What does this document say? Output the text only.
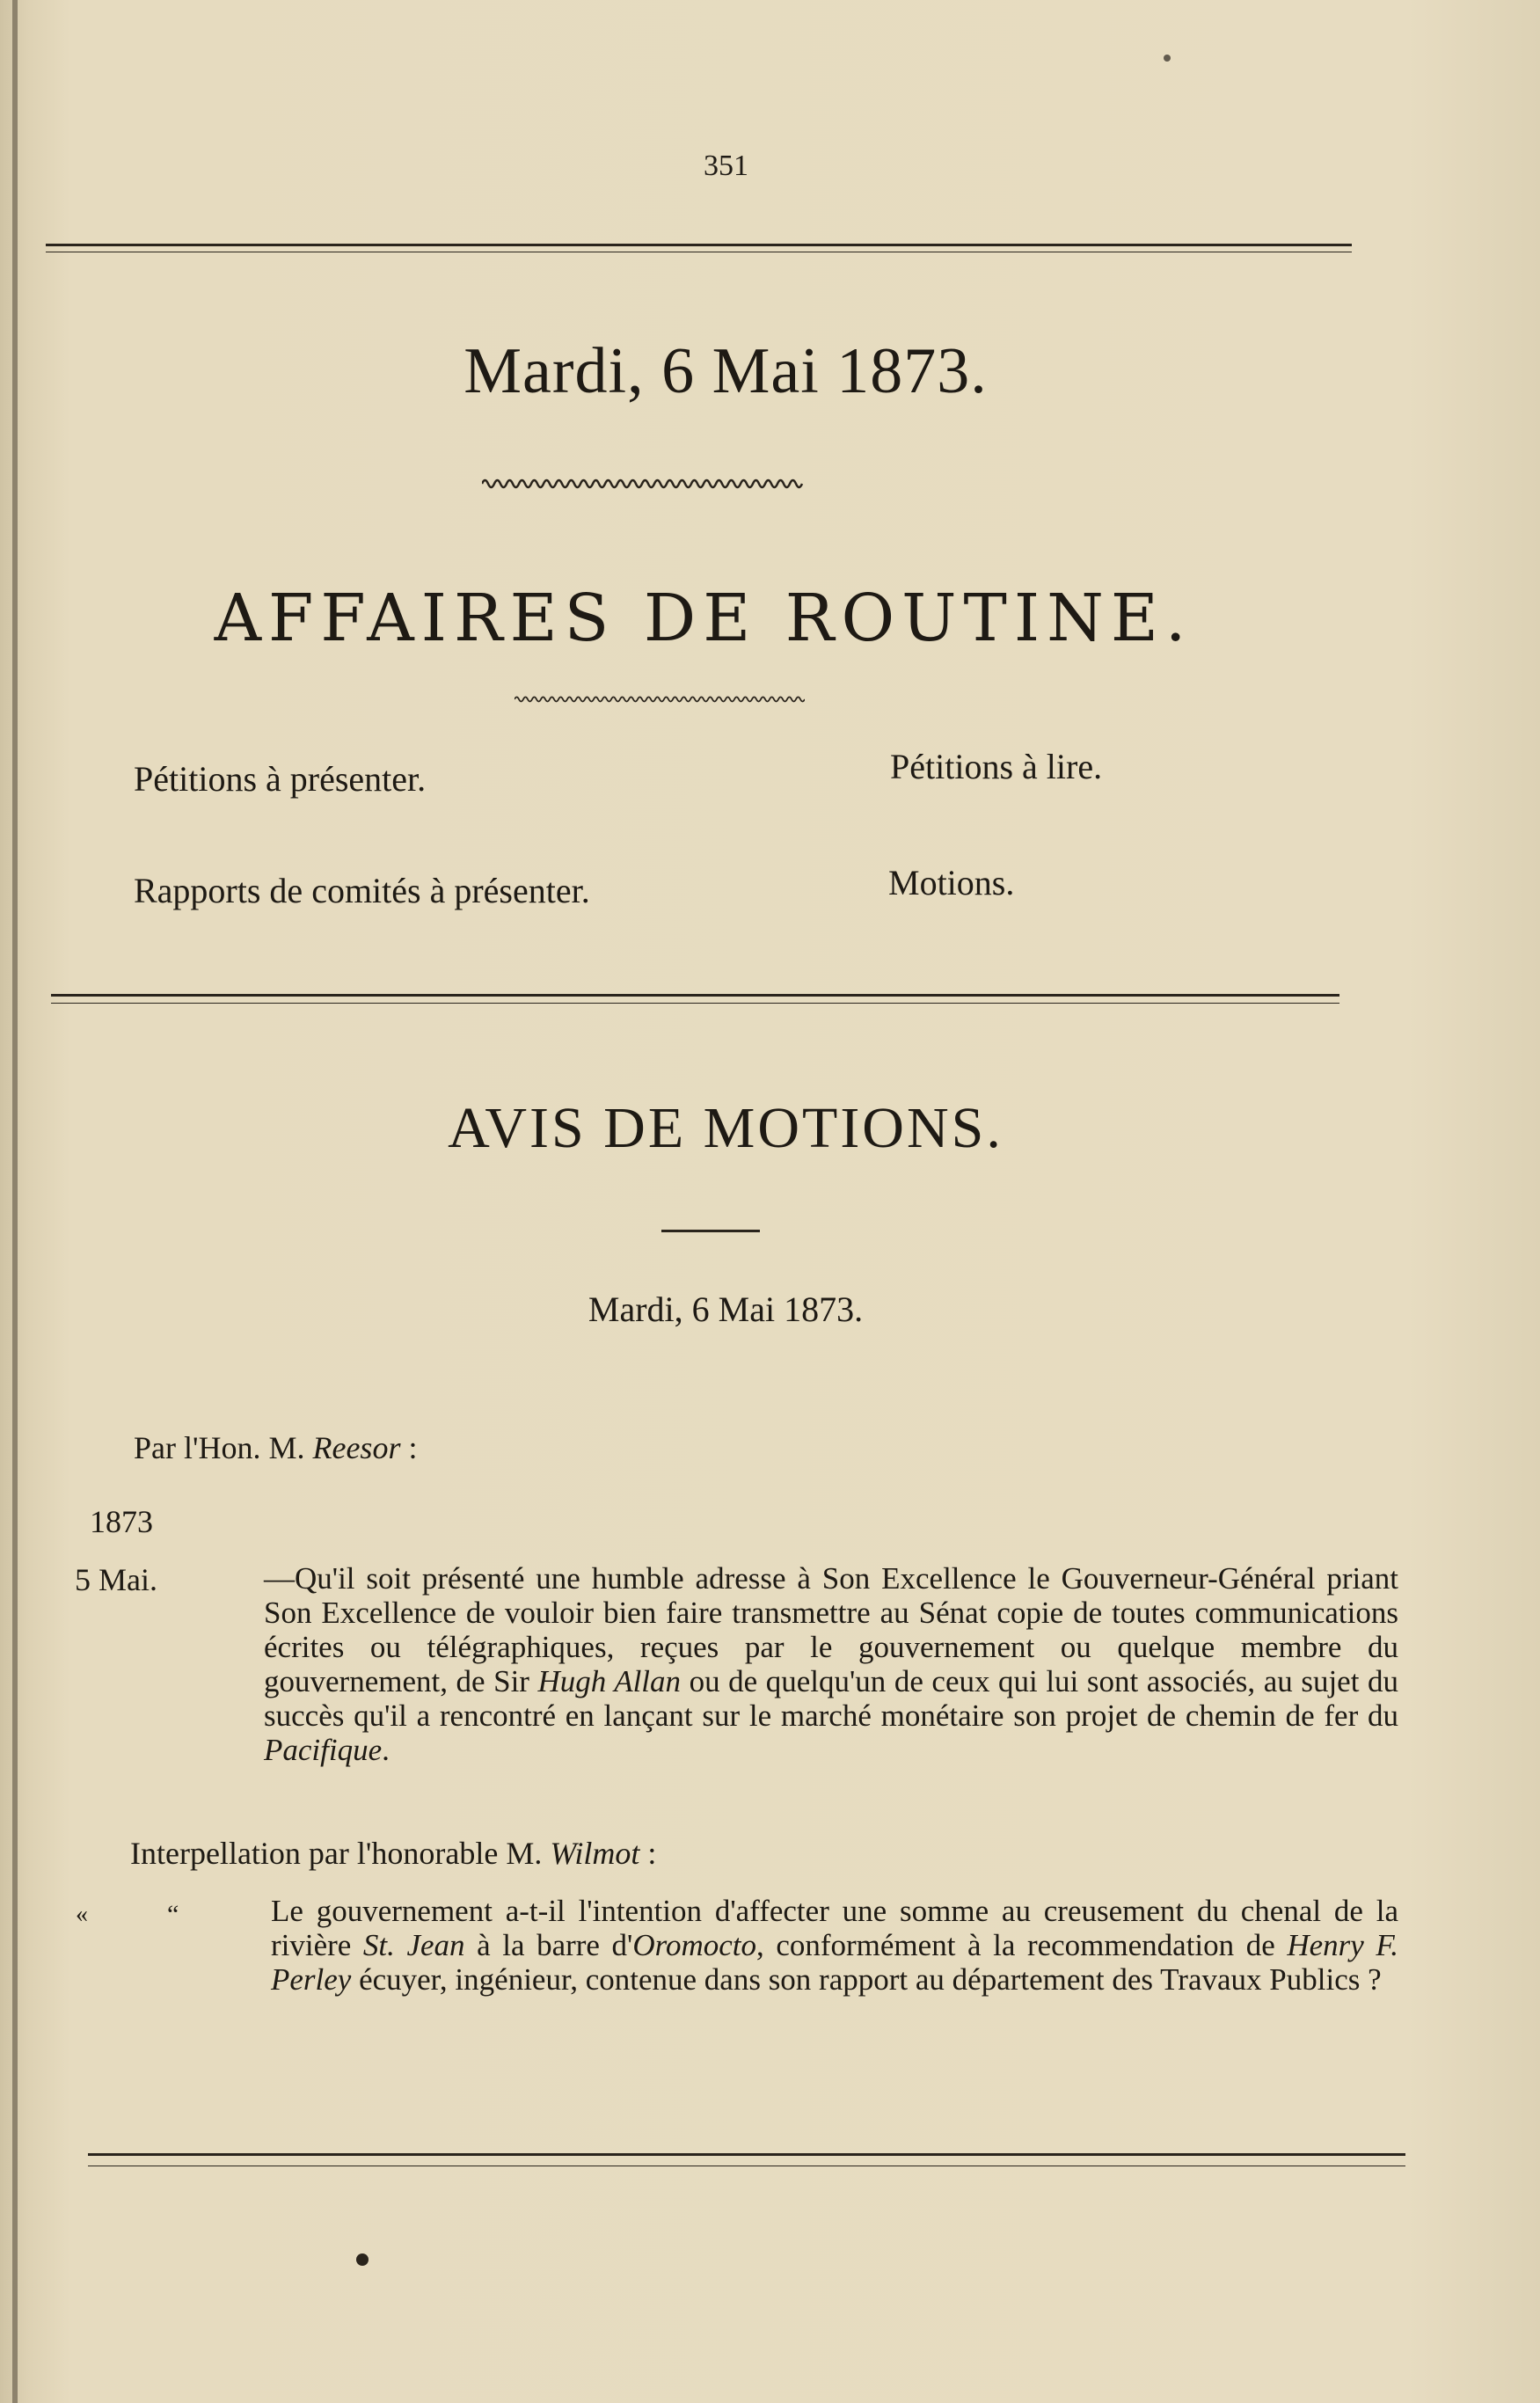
351
Mardi, 6 Mai 1873.
AFFAIRES DE ROUTINE.
Pétitions à présenter.	Pétitions à lire.
Rapports de comités à présenter.	Motions.
AVIS DE MOTIONS.
Mardi, 6 Mai 1873.
Par l'Hon. M. Reesor :
1873
5 Mai.	—Qu'il soit présenté une humble adresse à Son Excellence le Gouverneur-Général priant Son Excellence de vouloir bien faire transmettre au Sénat copie de toutes communications écrites ou télégraphiques, reçues par le gouvernement ou quelque membre du gouvernement, de Sir Hugh Allan ou de quelqu'un de ceux qui lui sont associés, au sujet du succès qu'il a rencontré en lançant sur le marché monétaire son projet de chemin de fer du Pacifique.
Interpellation par l'honorable M. Wilmot :
«	“	Le gouvernement a-t-il l'intention d'affecter une somme au creusement du chenal de la rivière St. Jean à la barre d'Oromocto, conformément à la recommendation de Henry F. Perley écuyer, ingénieur, contenue dans son rapport au département des Travaux Publics ?
